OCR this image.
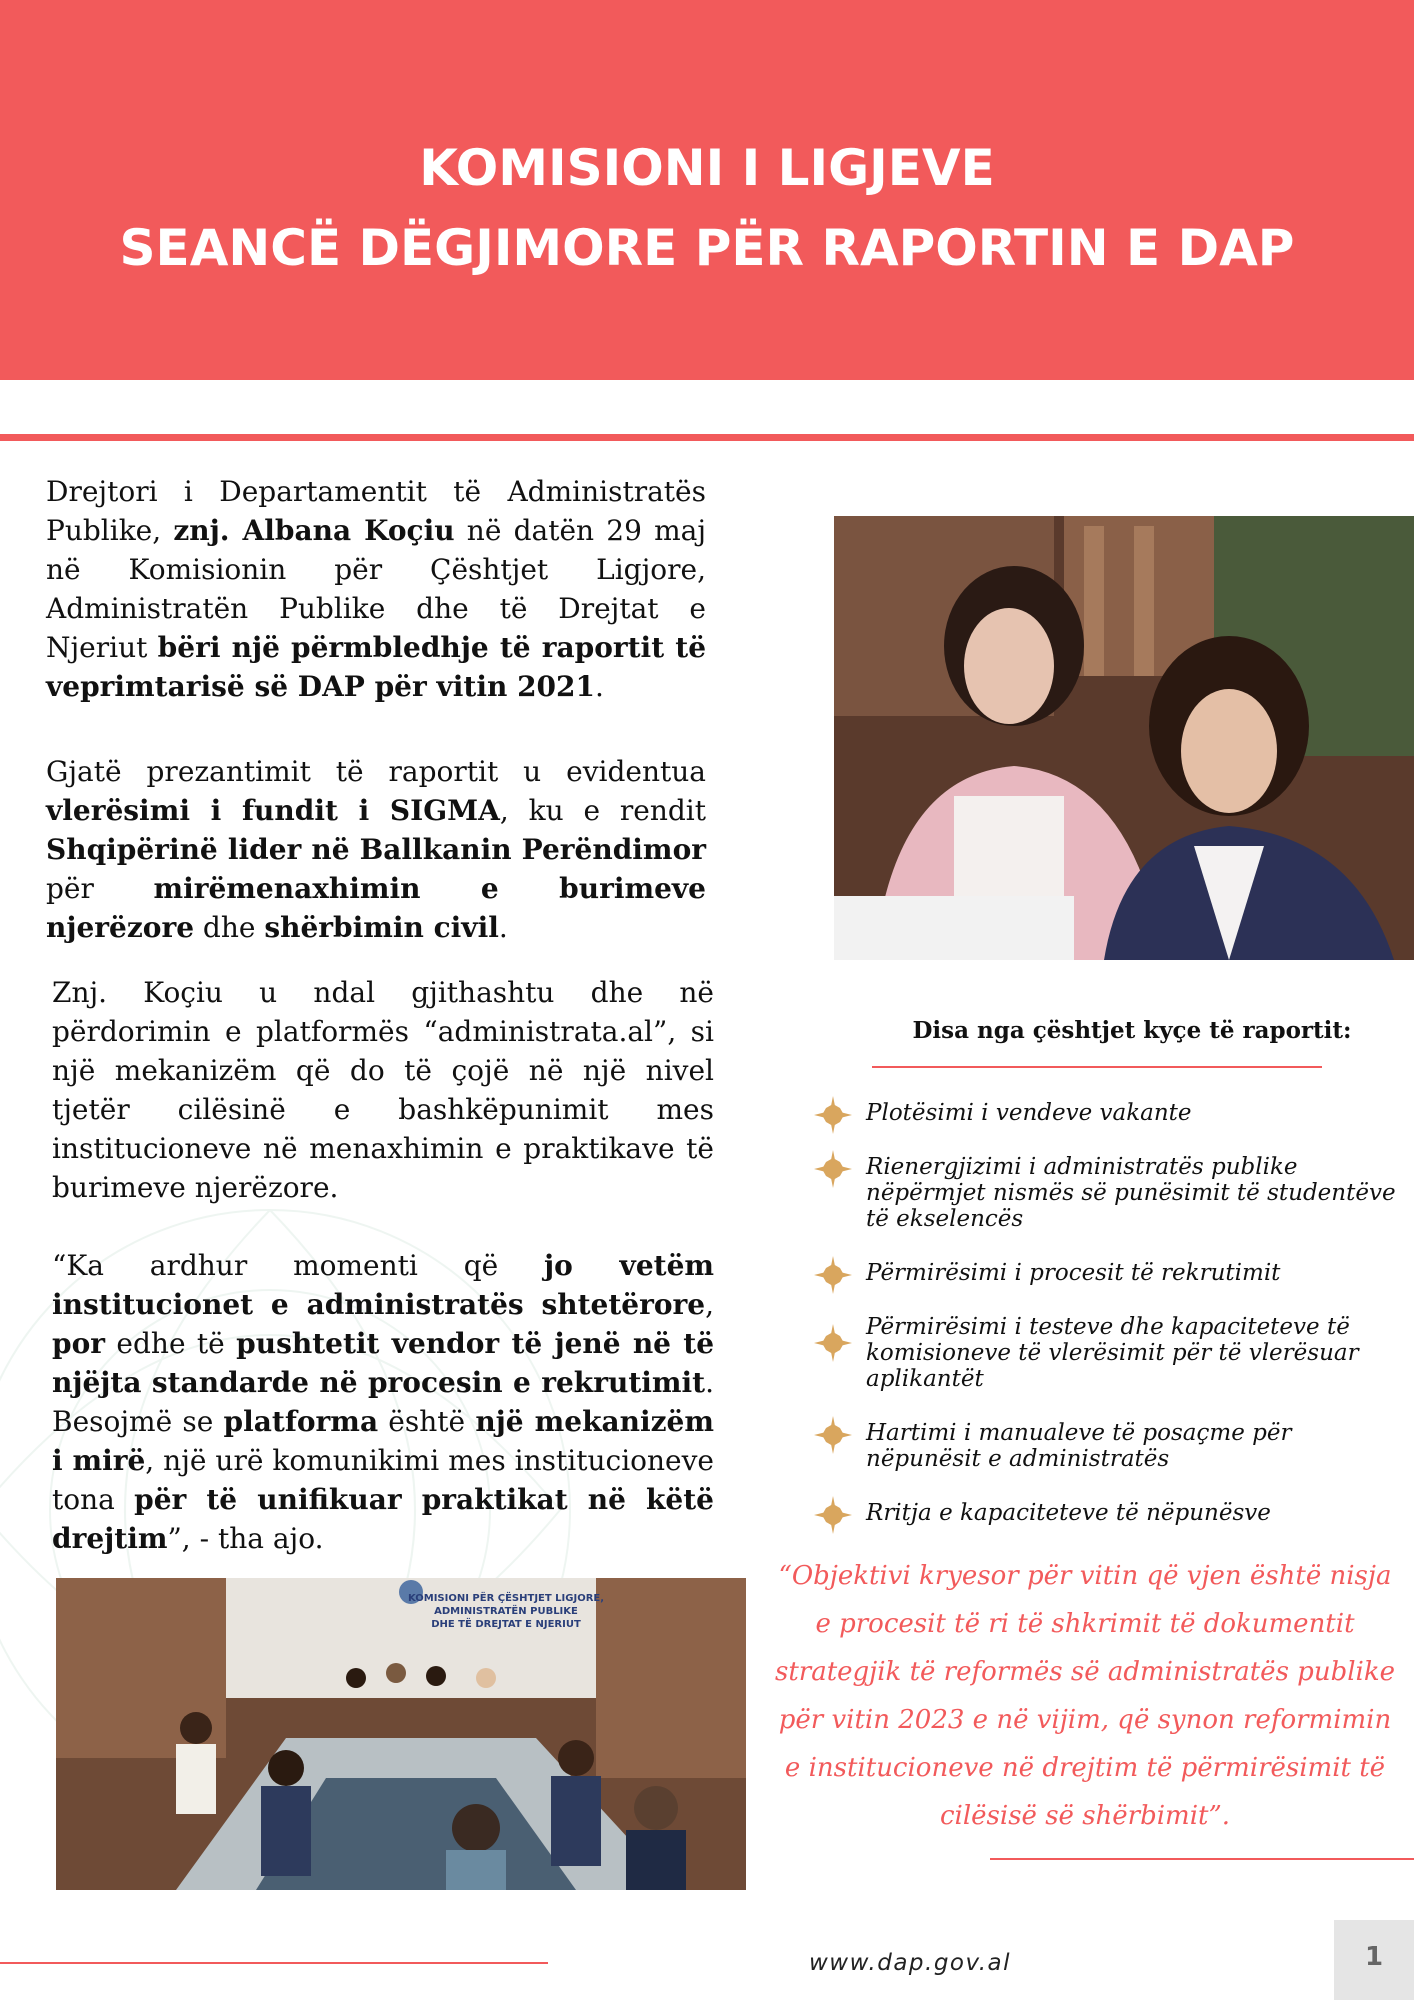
KOMISIONI I LIGJEVE
SEANCË DËGJIMORE PËR RAPORTIN E DAP

Drejtori i Departamentit të Administratës Publike, znj. Albana Koçiu në datën 29 maj në Komisionin për Çështjet Ligjore, Administratën Publike dhe të Drejtat e Njeriut bëri një përmbledhje të raportit të veprimtarisë së DAP për vitin 2021.

Gjatë prezantimit të raportit u evidentua vlerësimi i fundit i SIGMA, ku e rendit Shqipërinë lider në Ballkanin Perëndimor për mirëmenaxhimin e burimeve njerëzore dhe shërbimin civil.

Znj. Koçiu u ndal gjithashtu dhe në përdorimin e platformës “administrata.al”, si një mekanizëm që do të çojë në një nivel tjetër cilësinë e bashkëpunimit mes institucioneve në menaxhimin e praktikave të burimeve njerëzore.

“Ka ardhur momenti që jo vetëm institucionet e administratës shtetërore, por edhe të pushtetit vendor të jenë në të njëjta standarde në procesin e rekrutimit. Besojmë se platforma është një mekanizëm i mirë, një urë komunikimi mes institucioneve tona për të unifikuar praktikat në këtë drejtim”, - tha ajo.

KOMISIONI PËR ÇËSHTJET LIGJORE,
ADMINISTRATËN PUBLIKE
DHE TË DREJTAT E NJERIUT
Disa nga çështjet kyçe të raportit:
Plotësimi i vendeve vakante
Rienergjizimi i administratës publike nëpërmjet nismës së punësimit të studentëve të ekselencës
Përmirësimi i procesit të rekrutimit
Përmirësimi i testeve dhe kapaciteteve të komisioneve të vlerësimit për të vlerësuar aplikantët
Hartimi i manualeve të posaçme për nëpunësit e administratës
Rritja e kapaciteteve të nëpunësve

“Objektivi kryesor për vitin që vjen është nisja e procesit të ri të shkrimit të dokumentit strategjik të reformës së administratës publike për vitin 2023 e në vijim, që synon reformimin e institucioneve në drejtim të përmirësimit të cilësisë së shërbimit”.

www.dap.gov.al	1
